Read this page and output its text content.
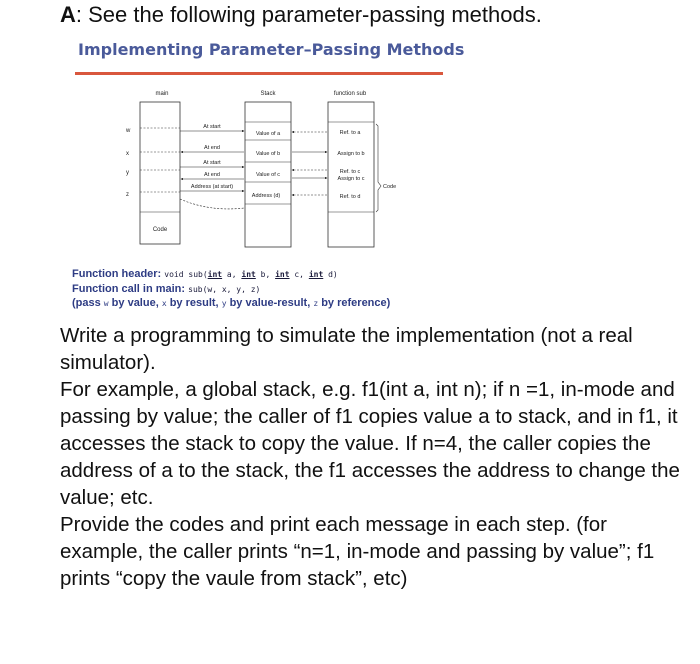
A: See the following parameter-passing methods.
Implementing Parameter–Passing Methods
main	Stack	function sub
Code
w
x
y
z
Value of a
Value of b
Value of c
Address (d)
Ref. to a
Assign to b
Ref. to c
Assign to c
Ref. to d
Code
At start
At end
At start
At end
Address (at start)
Function header: void sub(int a, int b, int c, int d)
Function call in main: sub(w, x, y, z)
(pass w by value, x by result, y by value-result, z by reference)

Write a programming to simulate the implementation (not a real simulator).

For example, a global stack, e.g. f1(int a, int n); if n =1, in-mode and passing by value; the caller of f1 copies value a to stack, and in f1, it accesses the stack to copy the value. If n=4, the caller copies the address of a to the stack, the f1 accesses the address to change the value; etc.

Provide the codes and print each message in each step. (for example, the caller prints “n=1, in-mode and passing by value”; f1 prints “copy the vaule from stack”, etc)
